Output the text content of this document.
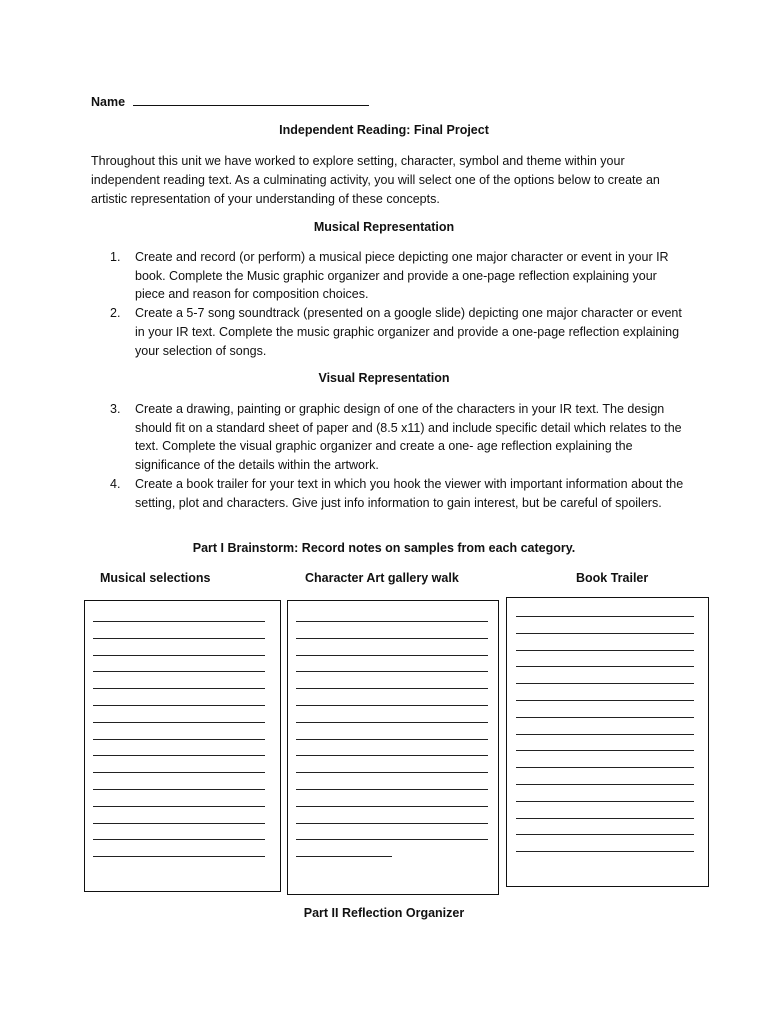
Name
Independent Reading: Final Project
Throughout this unit we have worked to explore setting, character, symbol and theme within your independent reading text. As a culminating activity, you will select one of the options below to create an artistic representation of your understanding of these concepts.
Musical Representation
1. Create and record (or perform) a musical piece depicting one major character or event in your IR book. Complete the Music graphic organizer and provide a one-page reflection explaining your piece and reason for composition choices.
2. Create a 5-7 song soundtrack (presented on a google slide) depicting one major character or event in your IR text. Complete the music graphic organizer and provide a one-page reflection explaining your selection of songs.
Visual Representation
3. Create a drawing, painting or graphic design of one of the characters in your IR text. The design should fit on a standard sheet of paper and (8.5 x11) and include specific detail which relates to the text. Complete the visual graphic organizer and create a one- age reflection explaining the significance of the details within the artwork.
4. Create a book trailer for your text in which you hook the viewer with important information about the setting, plot and characters. Give just info information to gain interest, but be careful of spoilers.
Part I Brainstorm: Record notes on samples from each category.
Musical selections	Character Art gallery walk	Book Trailer
Part II Reflection Organizer
